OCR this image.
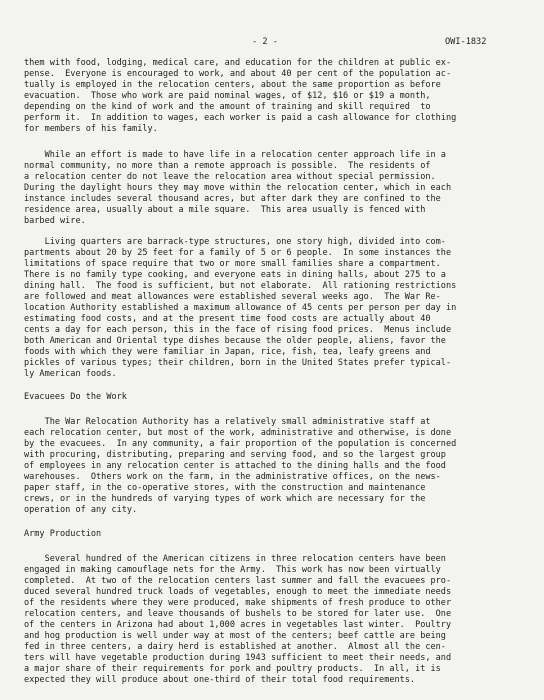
- 2 -	OWI-1832
them with food, lodging, medical care, and education for the children at public ex-
pense.  Everyone is encouraged to work, and about 40 per cent of the population ac-
tually is employed in the relocation centers, about the same proportion as before
evacuation.  Those who work are paid nominal wages, of $12, $16 or $19 a month,
depending on the kind of work and the amount of training and skill required  to
perform it.  In addition to wages, each worker is paid a cash allowance for clothing
for members of his family.
While an effort is made to have life in a relocation center approach life in a
normal community, no more than a remote approach is possible.  The residents of
a relocation center do not leave the relocation area without special permission.
During the daylight hours they may move within the relocation center, which in each
instance includes several thousand acres, but after dark they are confined to the
residence area, usually about a mile square.  This area usually is fenced with
barbed wire.
Living quarters are barrack-type structures, one story high, divided into com-
partments about 20 by 25 feet for a family of 5 or 6 people.  In some instances the
limitations of space require that two or more small families share a compartment.
There is no family type cooking, and everyone eats in dining halls, about 275 to a
dining hall.  The food is sufficient, but not elaborate.  All rationing restrictions
are followed and meat allowances were established several weeks ago.  The War Re-
location Authority established a maximum allowance of 45 cents per person per day in
estimating food costs, and at the present time food costs are actually about 40
cents a day for each person, this in the face of rising food prices.  Menus include
both American and Oriental type dishes because the older people, aliens, favor the
foods with which they were familiar in Japan, rice, fish, tea, leafy greens and
pickles of various types; their children, born in the United States prefer typical-
ly American foods.
Evacuees Do the Work
The War Relocation Authority has a relatively small administrative staff at
each relocation center, but most of the work, administrative and otherwise, is done
by the evacuees.  In any community, a fair proportion of the population is concerned
with procuring, distributing, preparing and serving food, and so the largest group
of employees in any relocation center is attached to the dining halls and the food
warehouses.  Others work on the farm, in the administrative offices, on the news-
paper staff, in the co-operative stores, with the construction and maintenance
crews, or in the hundreds of varying types of work which are necessary for the
operation of any city.
Army Production
Several hundred of the American citizens in three relocation centers have been
engaged in making camouflage nets for the Army.  This work has now been virtually
completed.  At two of the relocation centers last summer and fall the evacuees pro-
duced several hundred truck loads of vegetables, enough to meet the immediate needs
of the residents where they were produced, make shipments of fresh produce to other
relocation centers, and leave thousands of bushels to be stored for later use.  One
of the centers in Arizona had about 1,000 acres in vegetables last winter.  Poultry
and hog production is well under way at most of the centers; beef cattle are being
fed in three centers, a dairy herd is established at another.  Almost all the cen-
ters will have vegetable production during 1943 sufficient to meet their needs, and
a major share of their requirements for pork and poultry products.  In all, it is
expected they will produce about one-third of their total food requirements.
